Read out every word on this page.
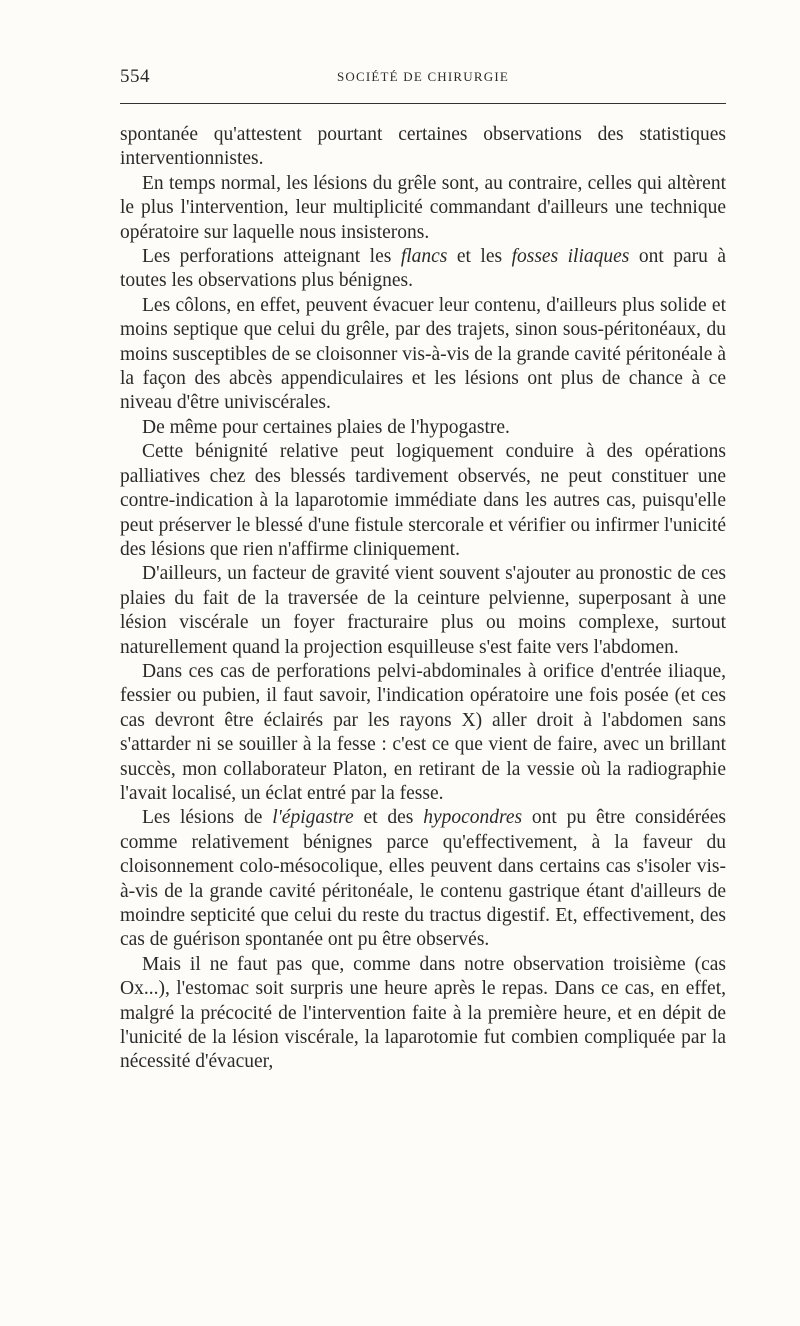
554	SOCIÉTÉ DE CHIRURGIE

spontanée qu'attestent pourtant certaines observations des statistiques interventionnistes.

En temps normal, les lésions du grêle sont, au contraire, celles qui altèrent le plus l'intervention, leur multiplicité commandant d'ailleurs une technique opératoire sur laquelle nous insisterons.

Les perforations atteignant les flancs et les fosses iliaques ont paru à toutes les observations plus bénignes.

Les côlons, en effet, peuvent évacuer leur contenu, d'ailleurs plus solide et moins septique que celui du grêle, par des trajets, sinon sous-péritonéaux, du moins susceptibles de se cloisonner vis-à-vis de la grande cavité péritonéale à la façon des abcès appendiculaires et les lésions ont plus de chance à ce niveau d'être univiscérales.

De même pour certaines plaies de l'hypogastre.

Cette bénignité relative peut logiquement conduire à des opérations palliatives chez des blessés tardivement observés, ne peut constituer une contre-indication à la laparotomie immédiate dans les autres cas, puisqu'elle peut préserver le blessé d'une fistule stercorale et vérifier ou infirmer l'unicité des lésions que rien n'affirme cliniquement.

D'ailleurs, un facteur de gravité vient souvent s'ajouter au pronostic de ces plaies du fait de la traversée de la ceinture pelvienne, superposant à une lésion viscérale un foyer fracturaire plus ou moins complexe, surtout naturellement quand la projection esquilleuse s'est faite vers l'abdomen.

Dans ces cas de perforations pelvi-abdominales à orifice d'entrée iliaque, fessier ou pubien, il faut savoir, l'indication opératoire une fois posée (et ces cas devront être éclairés par les rayons X) aller droit à l'abdomen sans s'attarder ni se souiller à la fesse : c'est ce que vient de faire, avec un brillant succès, mon collaborateur Platon, en retirant de la vessie où la radiographie l'avait localisé, un éclat entré par la fesse.

Les lésions de l'épigastre et des hypocondres ont pu être considérées comme relativement bénignes parce qu'effectivement, à la faveur du cloisonnement colo-mésocolique, elles peuvent dans certains cas s'isoler vis-à-vis de la grande cavité péritonéale, le contenu gastrique étant d'ailleurs de moindre septicité que celui du reste du tractus digestif. Et, effectivement, des cas de guérison spontanée ont pu être observés.

Mais il ne faut pas que, comme dans notre observation troisième (cas Ox...), l'estomac soit surpris une heure après le repas. Dans ce cas, en effet, malgré la précocité de l'intervention faite à la première heure, et en dépit de l'unicité de la lésion viscérale, la laparotomie fut combien compliquée par la nécessité d'évacuer,
